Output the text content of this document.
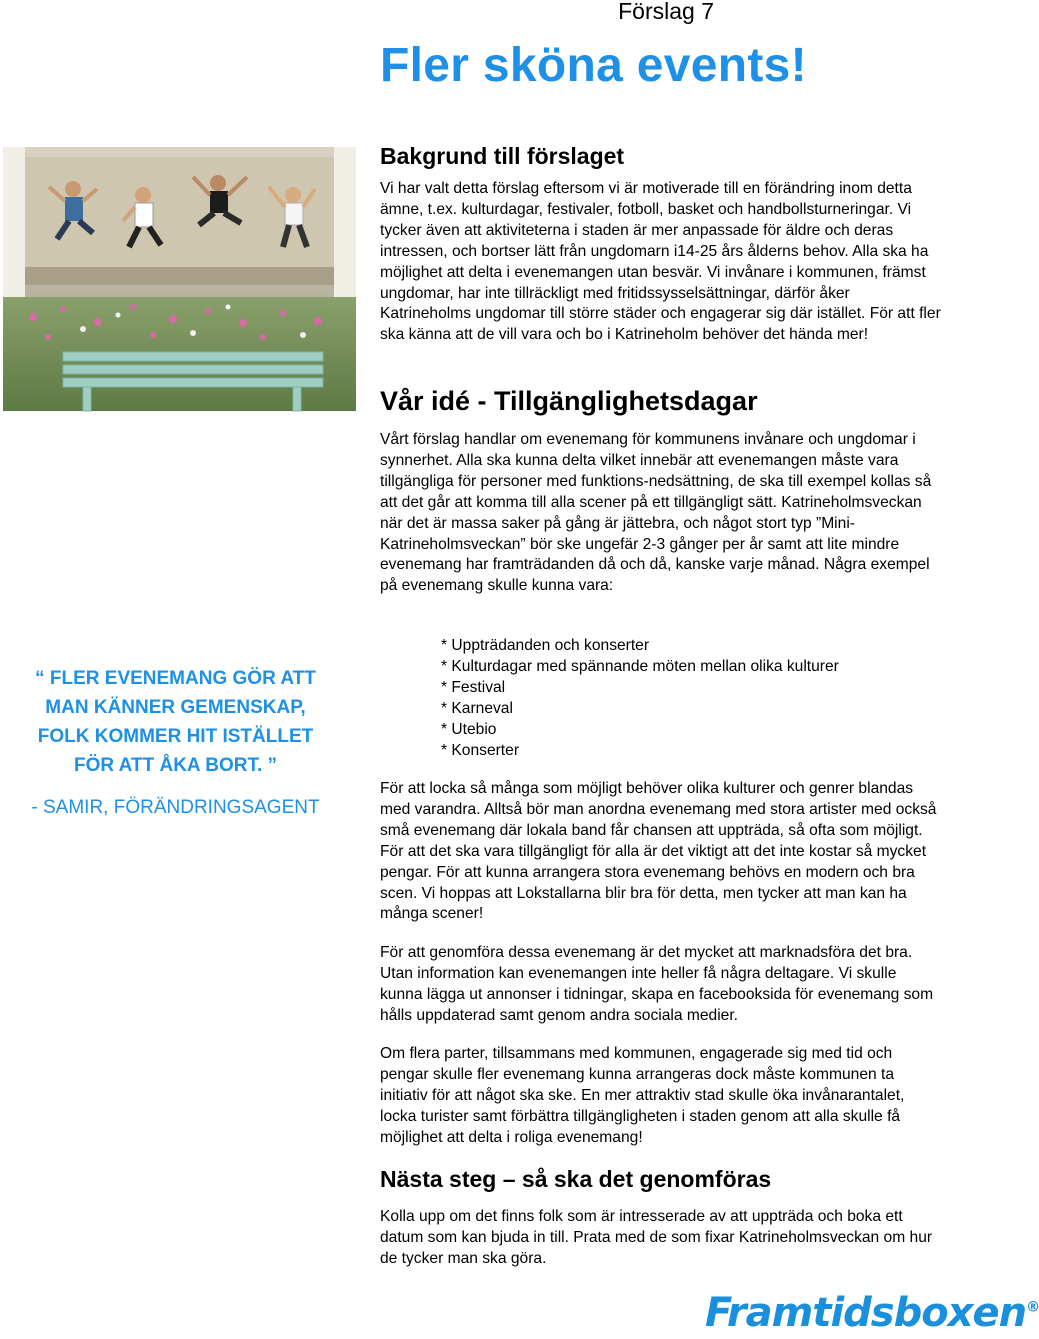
Förslag 7
Fler sköna events!
Bakgrund till förslaget

Vi har valt detta förslag eftersom vi är motiverade till en förändring inom detta ämne, t.ex. kulturdagar, festivaler, fotboll, basket och handbollsturneringar. Vi tycker även att aktiviteterna i staden är mer anpassade för äldre och deras intressen, och bortser lätt från ungdomarn i14-25 års ålderns behov. Alla ska ha möjlighet att delta i evenemangen utan besvär. Vi invånare i kommunen, främst ungdomar, har inte tillräckligt med fritidssysselsättningar, därför åker Katrineholms ungdomar till större städer och engagerar sig där istället. För att fler ska känna att de vill vara och bo i Katrineholm behöver det hända mer!

Vår idé - Tillgänglighetsdagar

Vårt förslag handlar om evenemang för kommunens invånare och ungdomar i synnerhet. Alla ska kunna delta vilket innebär att evenemangen måste vara tillgängliga för personer med funktions-nedsättning, de ska till exempel kollas så att det går att komma till alla scener på ett tillgängligt sätt. Katrineholmsveckan när det är massa saker på gång är jättebra, och något stort typ ”Mini-Katrineholmsveckan” bör ske ungefär 2-3 gånger per år samt att lite mindre evenemang har framträdanden då och då, kanske varje månad. Några exempel på evenemang skulle kunna vara:

* Uppträdanden och konserter
* Kulturdagar med spännande möten mellan olika kulturer
* Festival
* Karneval
* Utebio
* Konserter
För att locka så många som möjligt behöver olika kulturer och genrer blandas med varandra. Alltså bör man anordna evenemang med stora artister med också små evenemang där lokala band får chansen att uppträda, så ofta som möjligt. För att det ska vara tillgängligt för alla är det viktigt att det inte kostar så mycket pengar. För att kunna arrangera stora evenemang behövs en modern och bra scen. Vi hoppas att Lokstallarna blir bra för detta, men tycker att man kan ha många scener!
För att genomföra dessa evenemang är det mycket att marknadsföra det bra. Utan information kan evenemangen inte heller få några deltagare. Vi skulle kunna lägga ut annonser i tidningar, skapa en facebooksida för evenemang som hålls uppdaterad samt genom andra sociala medier.
Om flera parter, tillsammans med kommunen, engagerade sig med tid och pengar skulle fler evenemang kunna arrangeras dock måste kommunen ta initiativ för att något ska ske. En mer attraktiv stad skulle öka invånarantalet, locka turister samt förbättra tillgängligheten i staden genom att alla skulle få möjlighet att delta i roliga evenemang!
Nästa steg – så ska det genomföras
Kolla upp om det finns folk som är intresserade av att uppträda och boka ett datum som kan bjuda in till. Prata med de som fixar Katrineholmsveckan om hur de tycker man ska göra.
“ FLER EVENEMANG GÖR ATT MAN KÄNNER GEMENSKAP, FOLK KOMMER HIT ISTÄLLET FÖR ATT ÅKA BORT. ”
- SAMIR, FÖRÄNDRINGSAGENT
Framtidsboxen®
